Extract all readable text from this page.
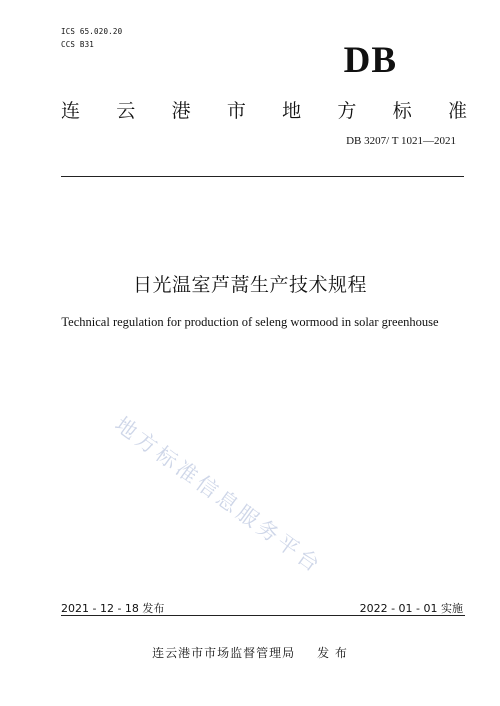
ICS 65.020.20
CCS B31	DB
连 云 港 市 地 方 标 准
DB 3207/ T 1021—2021
日光温室芦蒿生产技术规程
Technical regulation for production of seleng wormood in solar greenhouse
地方标准信息服务平台
2021 - 12 - 18 发布	2022 - 01 - 01 实施
连云港市市场监督管理局 发 布
